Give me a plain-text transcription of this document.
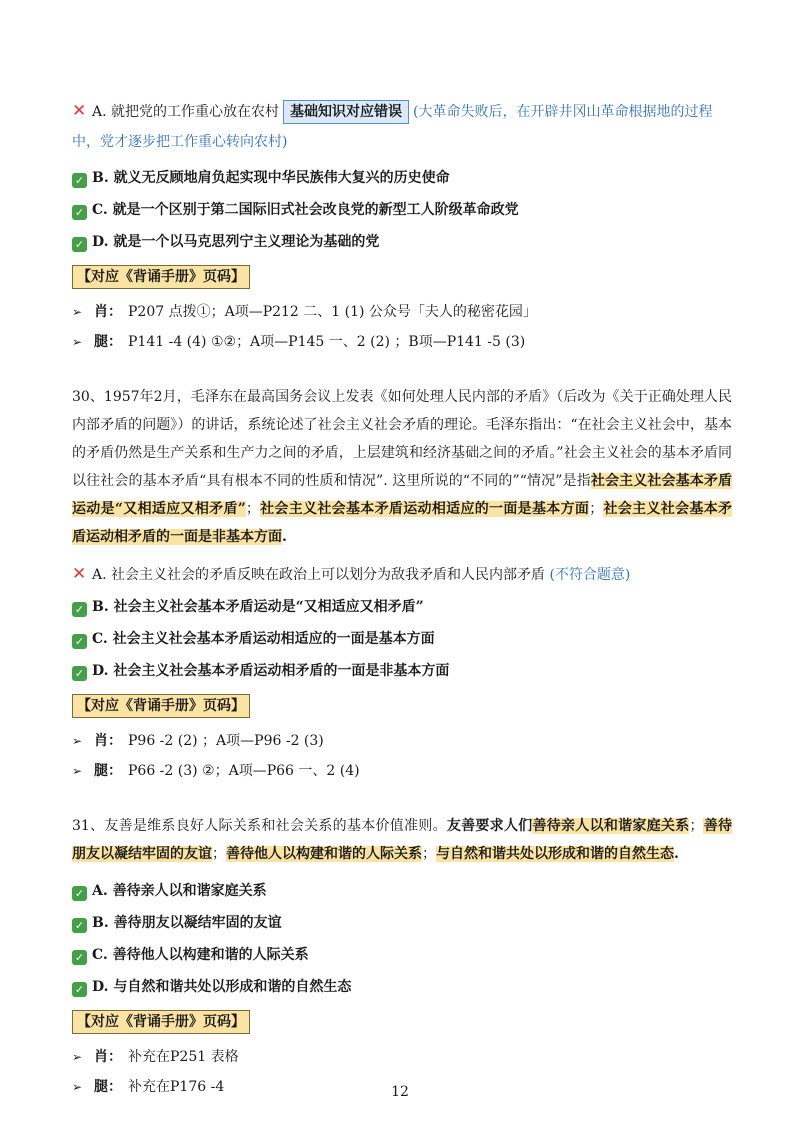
✕ A. 就把党的工作重心放在农村 基础知识对应错误 (大革命失败后，在开辟井冈山革命根据地的过程中，党才逐步把工作重心转向农村)
✓ B. 就义无反顾地肩负起实现中华民族伟大复兴的历史使命
✓ C. 就是一个区别于第二国际旧式社会改良党的新型工人阶级革命政党
✓ D. 就是一个以马克思列宁主义理论为基础的党
【对应《背诵手册》页码】
➢ 肖： P207 点拨①；A项—P212 二、1 (1) 公众号「夫人的秘密花园」
➢ 腿： P141 -4 (4) ①②；A项—P145 一、2 (2) ；B项—P141 -5 (3)
30、1957年2月，毛泽东在最高国务会议上发表《如何处理人民内部的矛盾》（后改为《关于正确处理人民内部矛盾的问题》）的讲话，系统论述了社会主义社会矛盾的理论。毛泽东指出：“在社会主义社会中，基本的矛盾仍然是生产关系和生产力之间的矛盾，上层建筑和经济基础之间的矛盾。”社会主义社会的基本矛盾同以往社会的基本矛盾“具有根本不同的性质和情况”. 这里所说的“不同的”“情况”是指社会主义社会基本矛盾运动是“又相适应又相矛盾”；社会主义社会基本矛盾运动相适应的一面是基本方面；社会主义社会基本矛盾运动相矛盾的一面是非基本方面.
✕ A. 社会主义社会的矛盾反映在政治上可以划分为敌我矛盾和人民内部矛盾 (不符合题意)
✓ B. 社会主义社会基本矛盾运动是“又相适应又相矛盾”
✓ C. 社会主义社会基本矛盾运动相适应的一面是基本方面
✓ D. 社会主义社会基本矛盾运动相矛盾的一面是非基本方面
【对应《背诵手册》页码】
➢ 肖： P96 -2 (2) ；A项—P96 -2 (3)
➢ 腿： P66 -2 (3) ②；A项—P66 一、2 (4)
31、友善是维系良好人际关系和社会关系的基本价值准则。友善要求人们善待亲人以和谐家庭关系；善待朋友以凝结牢固的友谊；善待他人以构建和谐的人际关系；与自然和谐共处以形成和谐的自然生态.
✓ A. 善待亲人以和谐家庭关系
✓ B. 善待朋友以凝结牢固的友谊
✓ C. 善待他人以构建和谐的人际关系
✓ D. 与自然和谐共处以形成和谐的自然生态
【对应《背诵手册》页码】
➢ 肖： 补充在P251 表格
➢ 腿： 补充在P176 -4	12
